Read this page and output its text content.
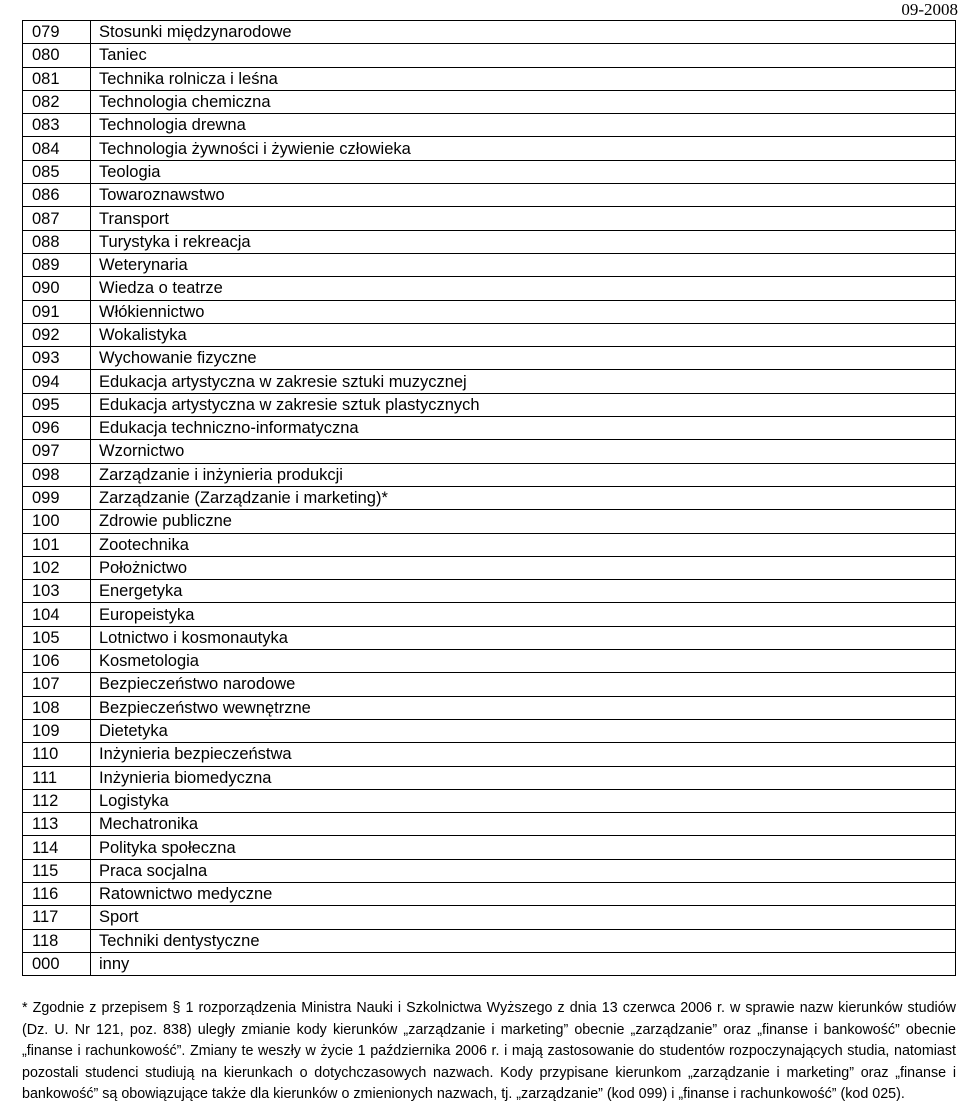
09-2008
079	Stosunki międzynarodowe
080	Taniec
081	Technika rolnicza i leśna
082	Technologia chemiczna
083	Technologia drewna
084	Technologia żywności i żywienie człowieka
085	Teologia
086	Towaroznawstwo
087	Transport
088	Turystyka i rekreacja
089	Weterynaria
090	Wiedza o teatrze
091	Włókiennictwo
092	Wokalistyka
093	Wychowanie fizyczne
094	Edukacja artystyczna w zakresie sztuki muzycznej
095	Edukacja artystyczna w zakresie sztuk plastycznych
096	Edukacja techniczno-informatyczna
097	Wzornictwo
098	Zarządzanie i inżynieria produkcji
099	Zarządzanie (Zarządzanie i marketing)*
100	Zdrowie publiczne
101	Zootechnika
102	Położnictwo
103	Energetyka
104	Europeistyka
105	Lotnictwo i kosmonautyka
106	Kosmetologia
107	Bezpieczeństwo narodowe
108	Bezpieczeństwo wewnętrzne
109	Dietetyka
110	Inżynieria bezpieczeństwa
111	Inżynieria biomedyczna
112	Logistyka
113	Mechatronika
114	Polityka społeczna
115	Praca socjalna
116	Ratownictwo medyczne
117	Sport
118	Techniki dentystyczne
000	inny

* Zgodnie z przepisem § 1 rozporządzenia Ministra Nauki i Szkolnictwa Wyższego z dnia 13 czerwca 2006 r. w sprawie nazw kierunków studiów (Dz. U. Nr 121, poz. 838) uległy zmianie kody kierunków „zarządzanie i marketing” obecnie „zarządzanie” oraz „finanse i bankowość” obecnie „finanse i rachunkowość”. Zmiany te weszły w życie 1 października 2006 r. i mają zastosowanie do studentów rozpoczynających studia, natomiast pozostali studenci studiują na kierunkach o dotychczasowych nazwach. Kody przypisane kierunkom „zarządzanie i marketing” oraz „finanse i bankowość” są obowiązujące także dla kierunków o zmienionych nazwach, tj. „zarządzanie” (kod 099) i „finanse i rachunkowość” (kod 025).
